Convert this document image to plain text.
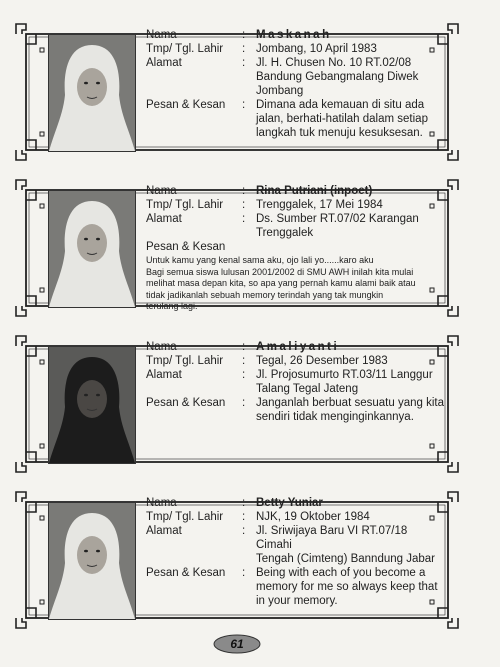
Nama	: Maskanah
Tmp/ Tgl. Lahir	: Jombang, 10 April 1983
Alamat	: Jl. H. Chusen No. 10 RT.02/08
Bandung Gebangmalang Diwek
Jombang
Pesan & Kesan	: Dimana ada kemauan di situ ada
jalan, berhati-hatilah dalam setiap
langkah tuk menuju kesuksesan.
Nama	: Rina Putriani (inpoet)
Tmp/ Tgl. Lahir	: Trenggalek, 17 Mei 1984
Alamat	: Ds. Sumber RT.07/02 Karangan
Trenggalek
Pesan & Kesan

Untuk kamu yang kenal sama aku, ojo lali yo......karo aku
Bagi semua siswa lulusan 2001/2002 di SMU AWH inilah kita mulai
melihat masa depan kita, so apa yang pernah kamu alami baik atau
tidak jadikanlah sebuah memory terindah yang tak mungkin
terulang lagi.
Nama	: Amaliyanti
Tmp/ Tgl. Lahir	: Tegal, 26 Desember 1983
Alamat	: Jl. Projosumurto RT.03/11 Langgur
Talang Tegal Jateng
Pesan & Kesan	: Janganlah berbuat sesuatu yang kita
sendiri tidak menginginkannya.
Nama	: Betty Yuniar
Tmp/ Tgl. Lahir	: NJK, 19 Oktober 1984
Alamat	: Jl. Sriwijaya Baru VI RT.07/18 Cimahi
Tengah (Cimteng) Banndung Jabar
Pesan & Kesan	: Being with each of you become a
memory for me so always keep that
in your memory.
61
